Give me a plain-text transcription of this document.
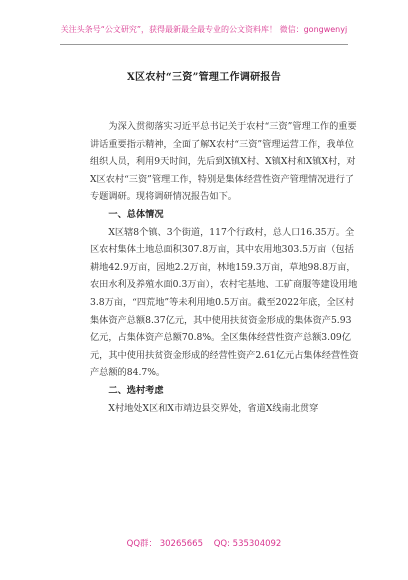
关注头条号“公文研究”，获得最新最全最专业的公文资料库！ 微信：gongwenyj
X区农村“三资”管理工作调研报告

为深入贯彻落实习近平总书记关于农村“三资”管理工作的重要讲话重要指示精神，全面了解X农村“三资”管理运营工作，我单位组织人员，利用9天时间，先后到X镇X村、X镇X村和X镇X村，对X区农村“三资”管理工作，特别是集体经营性资产管理情况进行了专题调研。现将调研情况报告如下。

一、总体情况

X区辖8个镇、3个街道，117个行政村，总人口16.35万。全区农村集体土地总面积307.8万亩，其中农用地303.5万亩（包括耕地42.9万亩，园地2.2万亩，林地159.3万亩，草地98.8万亩，农田水利及养殖水面0.3万亩），农村宅基地、工矿商服等建设用地3.8万亩，“四荒地”等未利用地0.5万亩。截至2022年底，全区村集体资产总额8.37亿元，其中使用扶贫资金形成的集体资产5.93亿元，占集体资产总额70.8%。全区集体经营性资产总额3.09亿元，其中使用扶贫资金形成的经营性资产2.61亿元占集体经营性资产总额的84.7%。

二、选村考虑

X村地处X区和X市靖边县交界处，省道X线南北贯穿

QQ群： 30265665 QQ: 535304092
